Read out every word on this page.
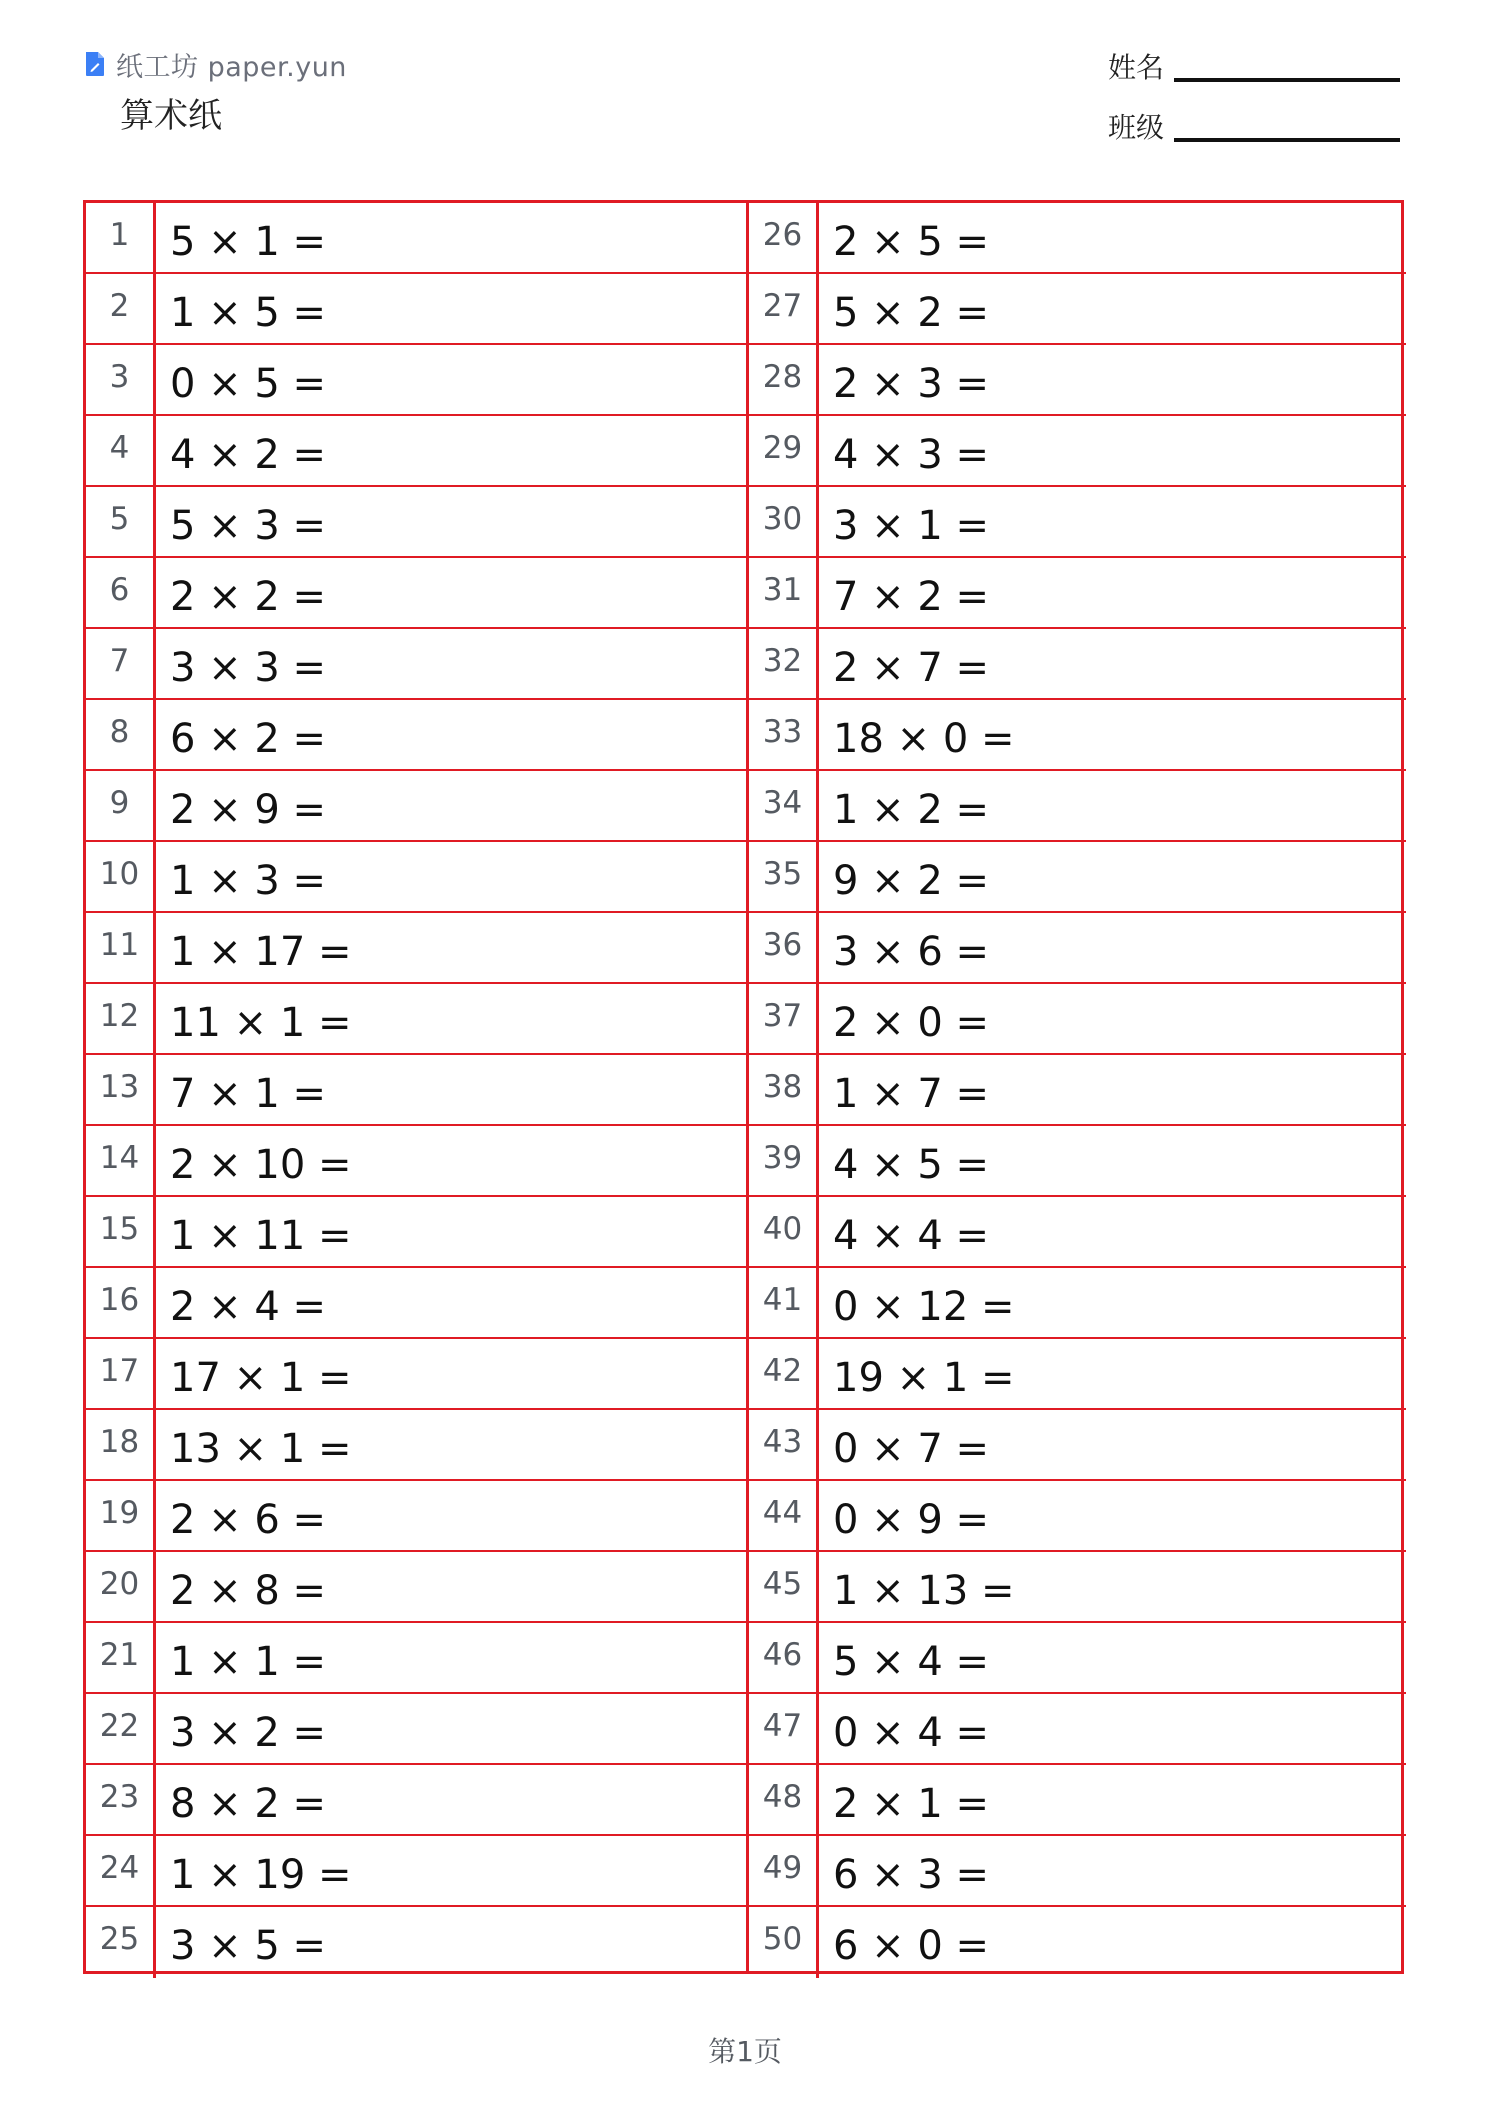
纸工坊 paper.yun
算术纸
姓名
班级
1	5 × 1 =
2	1 × 5 =
3	0 × 5 =
4	4 × 2 =
5	5 × 3 =
6	2 × 2 =
7	3 × 3 =
8	6 × 2 =
9	2 × 9 =
10 1 × 3 =
11 1 × 17 =
12 11 × 1 =
13 7 × 1 =
14 2 × 10 =
15 1 × 11 =
16 2 × 4 =
17 17 × 1 =
18 13 × 1 =
19 2 × 6 =
20 2 × 8 =
21 1 × 1 =
22 3 × 2 =
23 8 × 2 =
24 1 × 19 =
25 3 × 5 =
26 2 × 5 =
27 5 × 2 =
28 2 × 3 =
29 4 × 3 =
30 3 × 1 =
31 7 × 2 =
32 2 × 7 =
33 18 × 0 =
34 1 × 2 =
35 9 × 2 =
36 3 × 6 =
37 2 × 0 =
38 1 × 7 =
39 4 × 5 =
40 4 × 4 =
41 0 × 12 =
42 19 × 1 =
43 0 × 7 =
44 0 × 9 =
45 1 × 13 =
46 5 × 4 =
47 0 × 4 =
48 2 × 1 =
49 6 × 3 =
50 6 × 0 =
第1页
